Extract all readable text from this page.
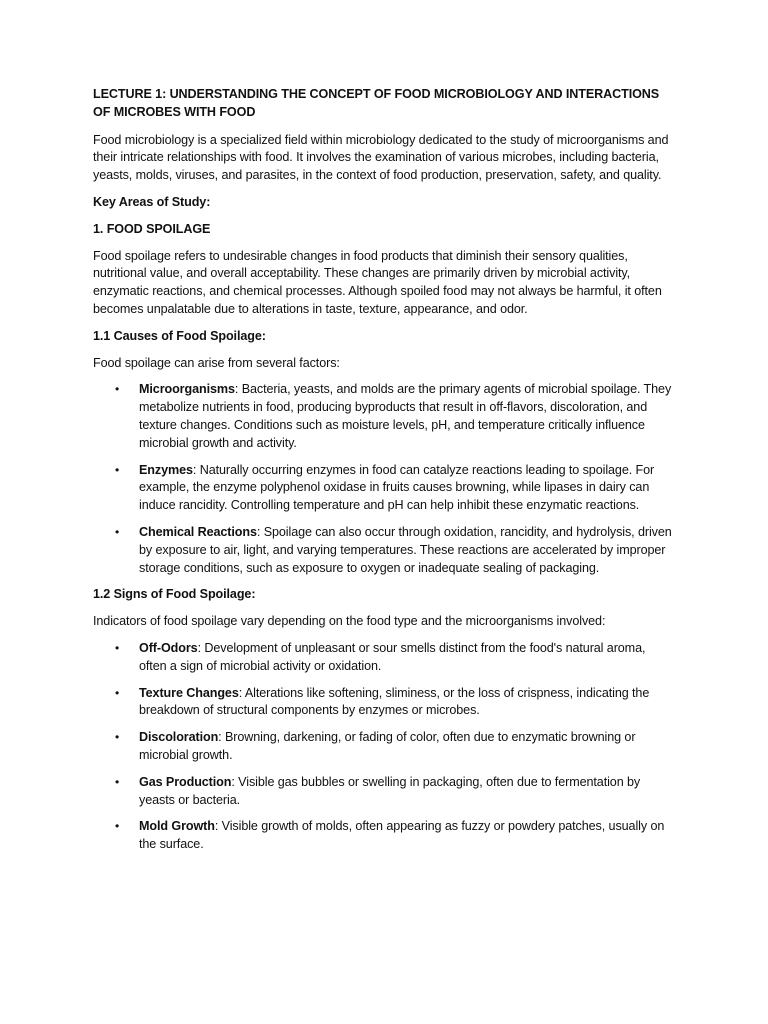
LECTURE 1: UNDERSTANDING THE CONCEPT OF FOOD MICROBIOLOGY AND INTERACTIONS OF MICROBES WITH FOOD

Food microbiology is a specialized field within microbiology dedicated to the study of microorganisms and their intricate relationships with food. It involves the examination of various microbes, including bacteria, yeasts, molds, viruses, and parasites, in the context of food production, preservation, safety, and quality.

Key Areas of Study:
1. FOOD SPOILAGE

Food spoilage refers to undesirable changes in food products that diminish their sensory qualities, nutritional value, and overall acceptability. These changes are primarily driven by microbial activity, enzymatic reactions, and chemical processes. Although spoiled food may not always be harmful, it often becomes unpalatable due to alterations in taste, texture, appearance, and odor.

1.1 Causes of Food Spoilage:

Food spoilage can arise from several factors:

• Microorganisms: Bacteria, yeasts, and molds are the primary agents of microbial spoilage. They metabolize nutrients in food, producing byproducts that result in off-flavors, discoloration, and texture changes. Conditions such as moisture levels, pH, and temperature critically influence microbial growth and activity.
• Enzymes: Naturally occurring enzymes in food can catalyze reactions leading to spoilage. For example, the enzyme polyphenol oxidase in fruits causes browning, while lipases in dairy can induce rancidity. Controlling temperature and pH can help inhibit these enzymatic reactions.
• Chemical Reactions: Spoilage can also occur through oxidation, rancidity, and hydrolysis, driven by exposure to air, light, and varying temperatures. These reactions are accelerated by improper storage conditions, such as exposure to oxygen or inadequate sealing of packaging.
1.2 Signs of Food Spoilage:

Indicators of food spoilage vary depending on the food type and the microorganisms involved:

• Off-Odors: Development of unpleasant or sour smells distinct from the food's natural aroma, often a sign of microbial activity or oxidation.
• Texture Changes: Alterations like softening, sliminess, or the loss of crispness, indicating the breakdown of structural components by enzymes or microbes.
• Discoloration: Browning, darkening, or fading of color, often due to enzymatic browning or microbial growth.
• Gas Production: Visible gas bubbles or swelling in packaging, often due to fermentation by yeasts or bacteria.
• Mold Growth: Visible growth of molds, often appearing as fuzzy or powdery patches, usually on the surface.
